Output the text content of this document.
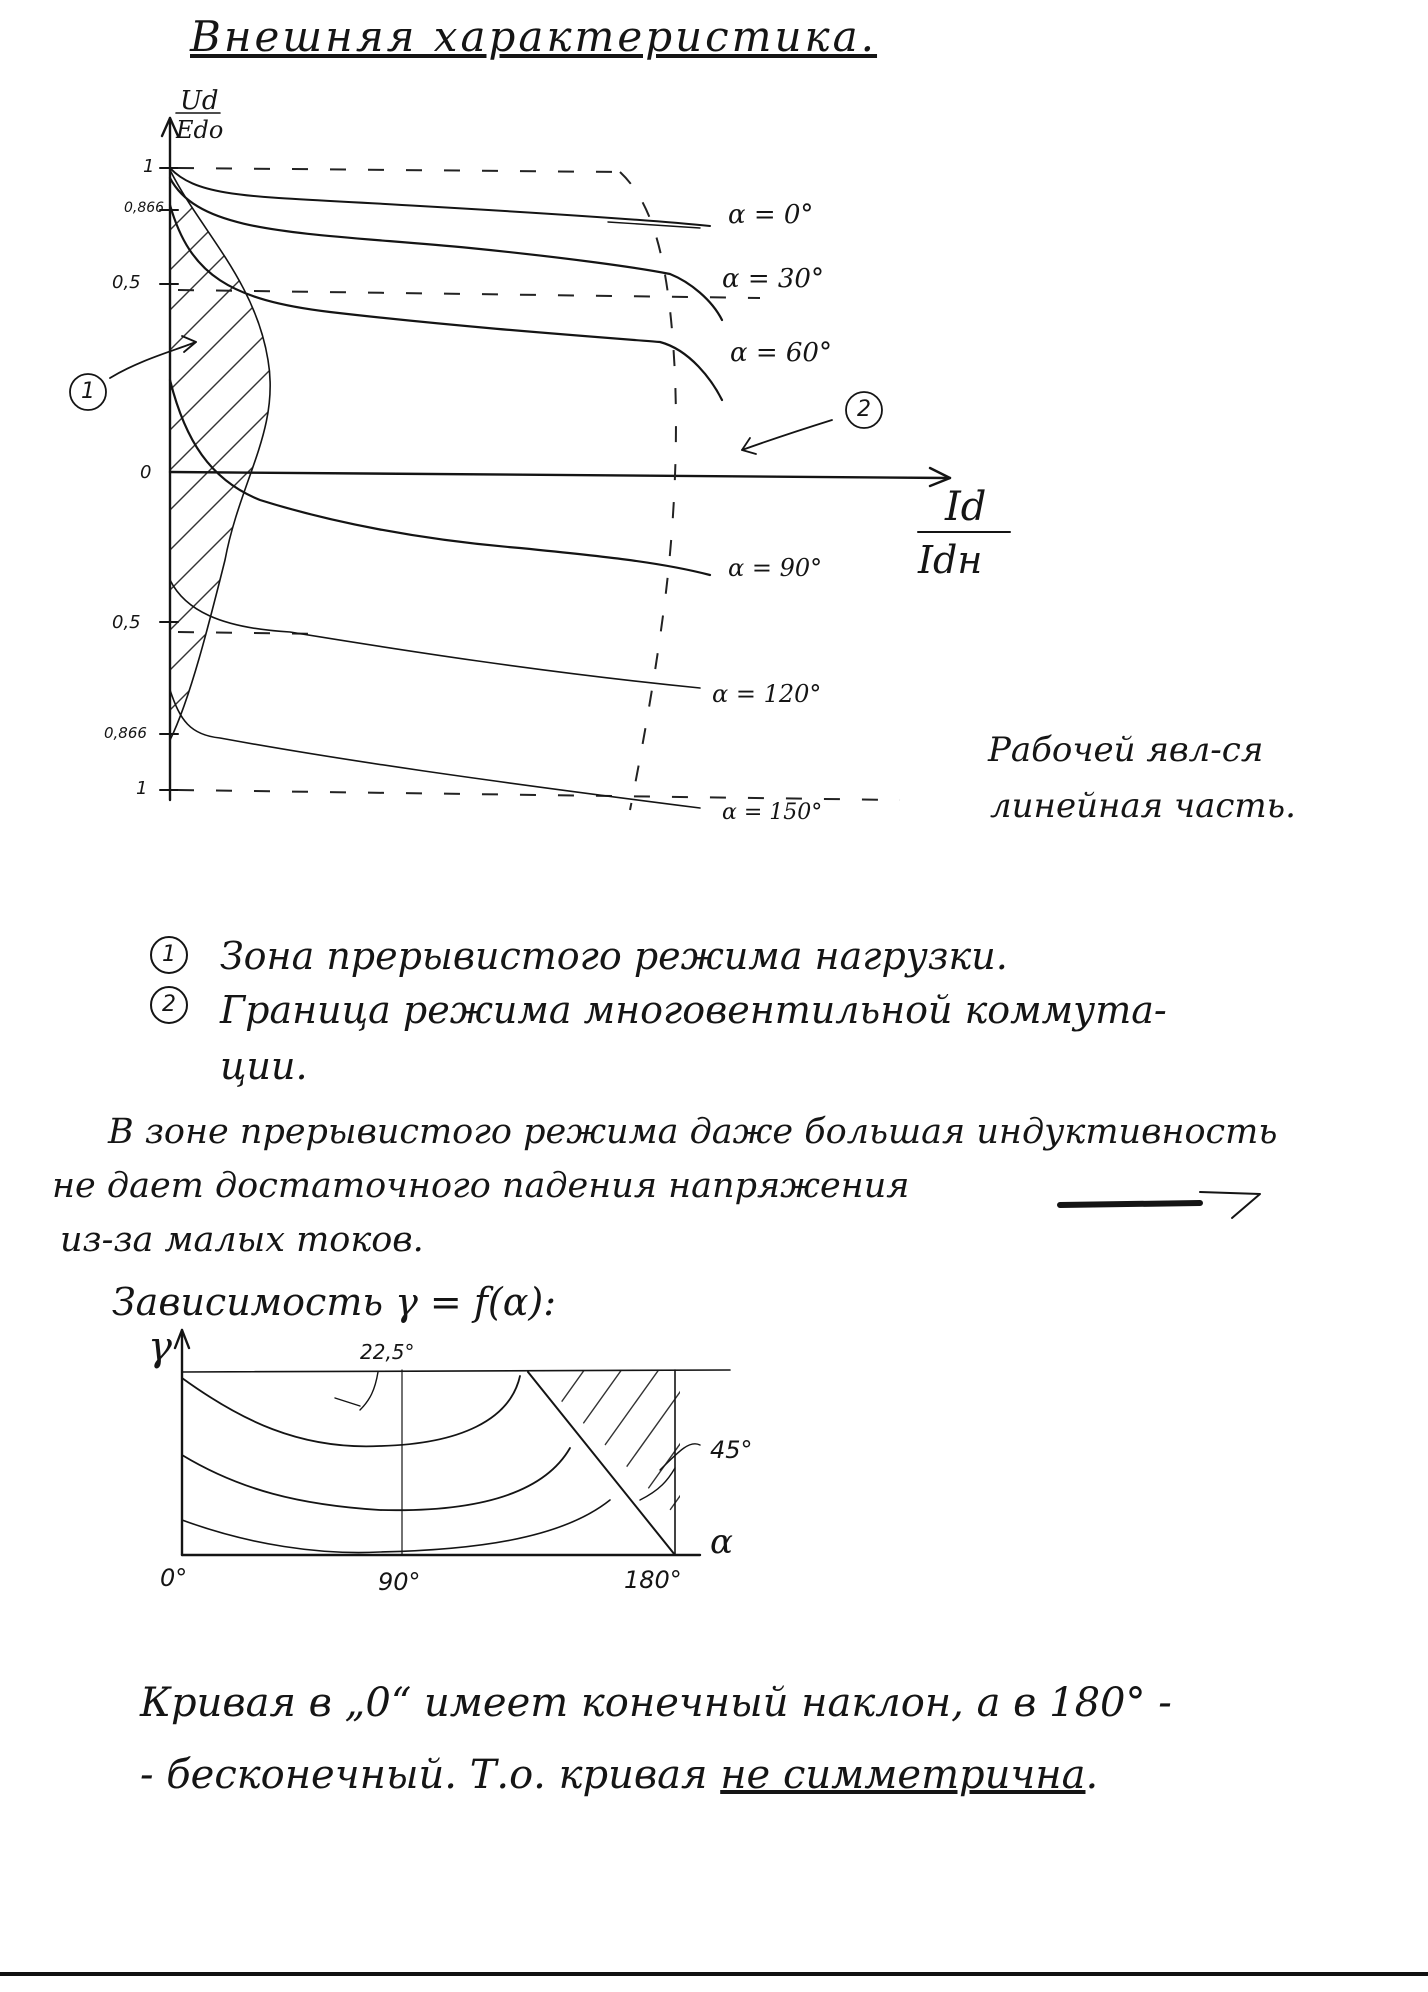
Внешняя характеристика.
Ud
Edo
Id
Idн
1
0,866
0,5
0
0,5
0,866
1
α = 0°
α = 30°
α = 60°
α = 90°
α = 120°
α = 150°
1
2
Рабочей явл-ся
линейная часть.
1
2
Зона прерывистого режима нагрузки.
Граница режима многовентильной коммута-
ции.
В зоне прерывистого режима даже большая индуктивность
не дает достаточного падения напряжения
из-за малых токов.
Зависимость γ = f(α):
γ
α
0°	90°	180°
22,5°
45°
Кривая в „0“ имеет конечный наклон, а в 180° -
- бесконечный. Т.о. кривая не симметрична.
